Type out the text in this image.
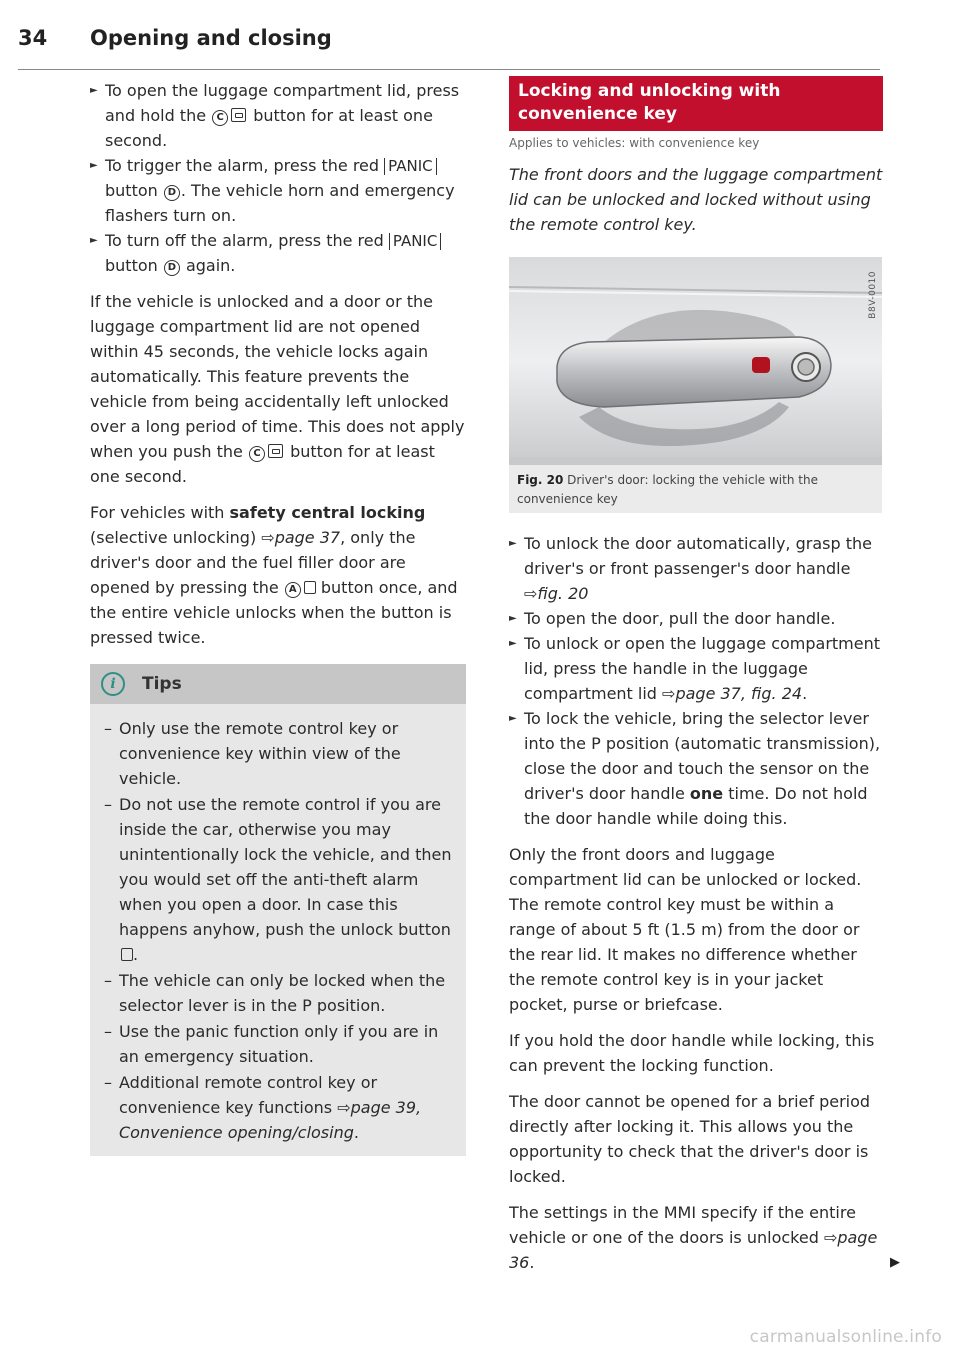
34 Opening and closing
► To open the luggage compartment lid, press and hold the C button for at least one second.
► To trigger the alarm, press the red PANIC button D . The vehicle horn and emergency flashers turn on.
► To turn off the alarm, press the red PANIC button D again.

If the vehicle is unlocked and a door or the luggage compartment lid are not opened within 45 seconds, the vehicle locks again automatically. This feature prevents the vehicle from being accidentally left unlocked over a long period of time. This does not apply when you push the C button for at least one second.

For vehicles with safety central locking (selective unlocking) ⇨page 37, only the driver's door and the fuel filler door are opened by pressing the A button once, and the entire vehicle unlocks when the button is pressed twice.

i	Tips
– Only use the remote control key or convenience key within view of the vehicle.
– Do not use the remote control if you are inside the car, otherwise you may unintentionally lock the vehicle, and then you would set off the anti-theft alarm when you open a door. In case this happens anyhow, push the unlock button .
– The vehicle can only be locked when the selector lever is in the P position.
– Use the panic function only if you are in an emergency situation.
– Additional remote control key or convenience key functions ⇨page 39, Convenience opening/closing.
Locking and unlocking with convenience key
Applies to vehicles: with convenience key

The front doors and the luggage compartment lid can be unlocked and locked without using the remote control key.

B8V-0010
Fig. 20 Driver's door: locking the vehicle with the convenience key
► To unlock the door automatically, grasp the driver's or front passenger's door handle ⇨fig. 20
► To open the door, pull the door handle.
► To unlock or open the luggage compartment lid, press the handle in the luggage compartment lid ⇨page 37, fig. 24.
► To lock the vehicle, bring the selector lever into the P position (automatic transmission), close the door and touch the sensor on the driver's door handle one time. Do not hold the door handle while doing this.

Only the front doors and luggage compartment lid can be unlocked or locked. The remote control key must be within a range of about 5 ft (1.5 m) from the door or the rear lid. It makes no difference whether the remote control key is in your jacket pocket, purse or briefcase.

If you hold the door handle while locking, this can prevent the locking function.

The door cannot be opened for a brief period directly after locking it. This allows you the opportunity to check that the driver's door is locked.

The settings in the MMI specify if the entire vehicle or one of the doors is unlocked ⇨page 36.	▶
carmanualsonline.info
